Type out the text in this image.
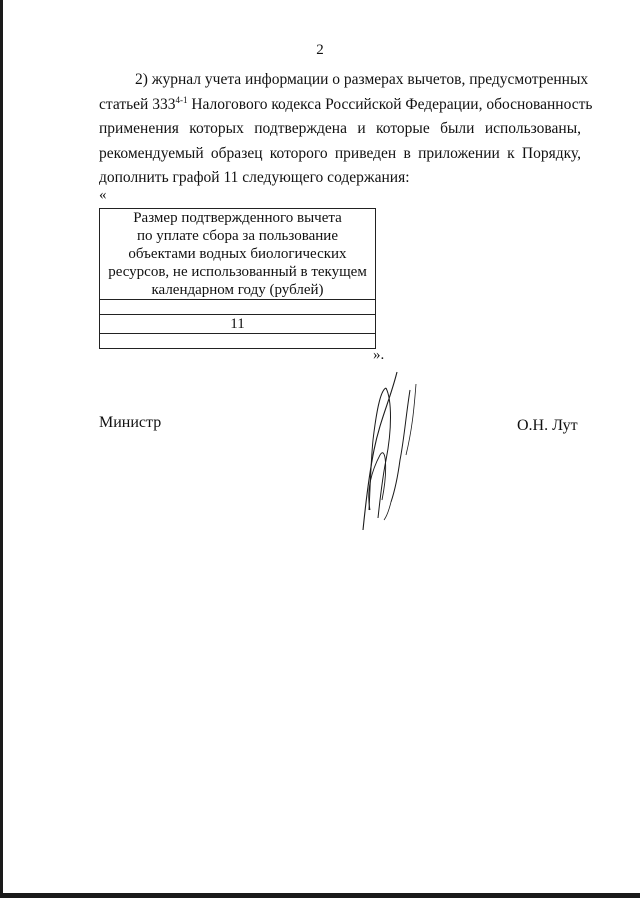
2
2) журнал учета информации о размерах вычетов, предусмотренных
статьей 333$^{4-1}$ Налогового кодекса Российской Федерации, обоснованность
применения которых подтверждена и которые были использованы,
рекомендуемый образец которого приведен в приложении к Порядку,
дополнить графой 11 следующего содержания:
«
Размер подтвержденного вычета
по уплате сбора за пользование
объектами водных биологических
ресурсов, не использованный в текущем
календарном году (рублей)

11

».
Министр	О.Н. Лут
